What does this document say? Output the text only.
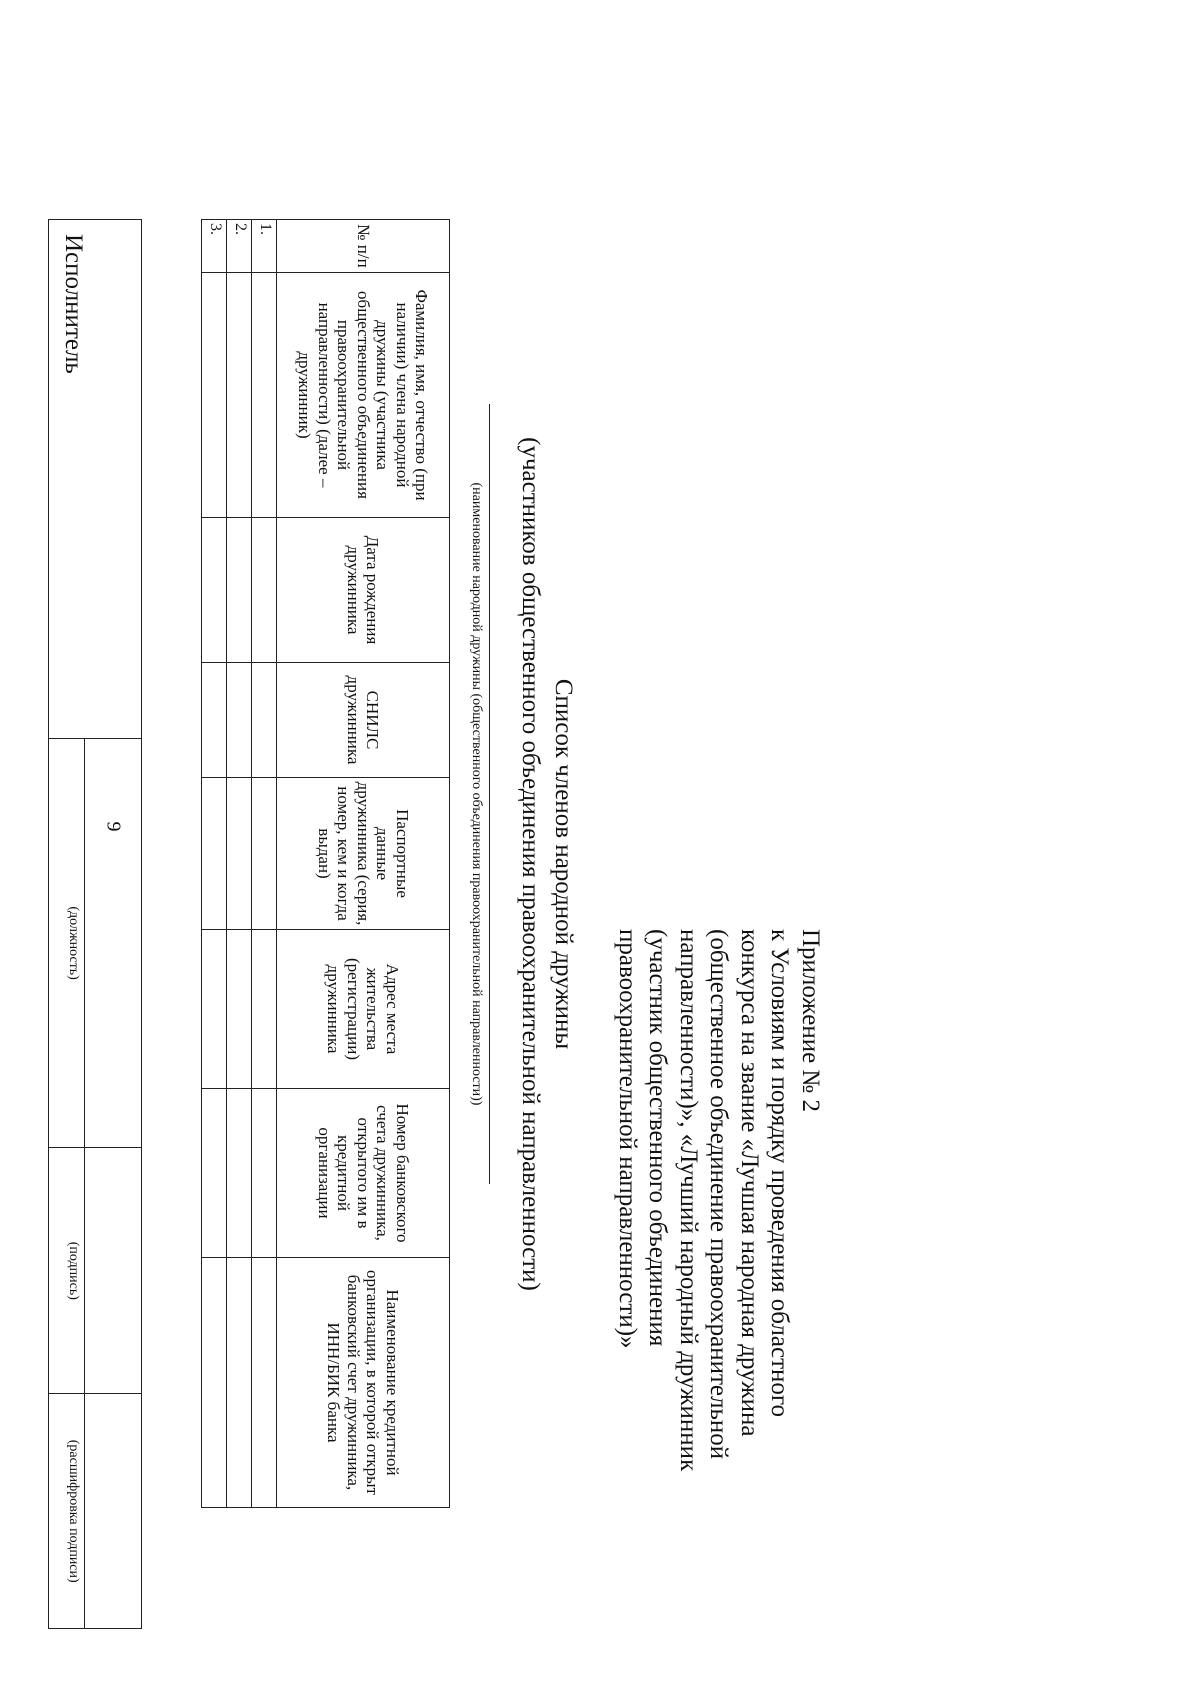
9
Приложение № 2
к Условиям и порядку проведения областного
конкурса на звание «Лучшая народная дружина
(общественное объединение правоохранительной
направленности)», «Лучший народный дружинник
(участник общественного объединения
правоохранительной направленности)»
Список членов народной дружины
(участников общественного объединения правоохранительной направленности)
(наименование народной дружины (общественного объединения правоохранительной направленности))
№ п/п	Фамилия, имя, отчество (при наличии) члена народной дружины (участника общественного объединения правоохранительной направленности) (далее – дружинник)	Дата рождения дружинника	СНИЛС дружинника	Паспортные данные дружинника (серия, номер, кем и когда выдан)	Адрес места жительства (регистрации) дружинника	Номер банковского счета дружинника, открытого им в кредитной организации	Наименование кредитной организации, в которой открыт банковский счет дружинника, ИНН/БИК банка
1.							
2.							
3.							
Исполнитель

(должность)

(подпись)

(расшифровка подписи)
